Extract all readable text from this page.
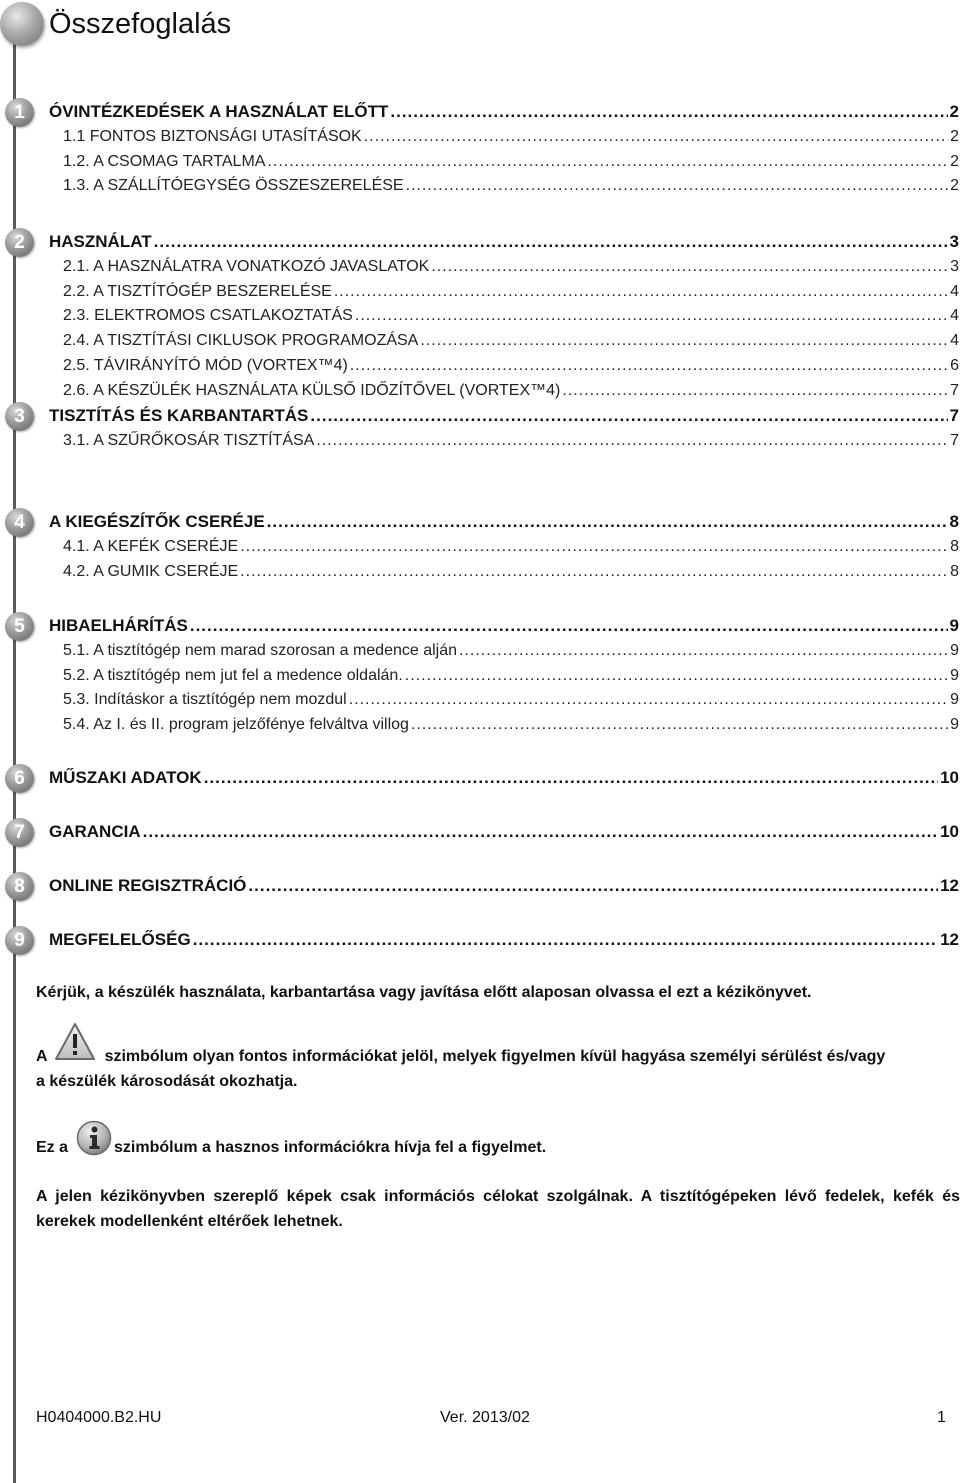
Összefoglalás
1	ÓVINTÉZKEDÉSEK A HASZNÁLAT ELŐTT .....	2
1.1 FONTOS BIZTONSÁGI UTASÍTÁSOK .....	2
1.2. A CSOMAG TARTALMA .....	2
1.3. A SZÁLLÍTÓEGYSÉG ÖSSZESZERELÉSE .....	2
2	HASZNÁLAT .....	3
2.1. A HASZNÁLATRA VONATKOZÓ JAVASLATOK .....	3
2.2. A TISZTÍTÓGÉP BESZERELÉSE .....	4
2.3. ELEKTROMOS CSATLAKOZTATÁS .....	4
2.4. A TISZTÍTÁSI CIKLUSOK PROGRAMOZÁSA .....	4
2.5. TÁVIRÁNYÍTÓ MÓD (VORTEX™4) .....	6
2.6. A KÉSZÜLÉK HASZNÁLATA KÜLSŐ IDŐZÍTŐVEL (VORTEX™4) .....	7
3	TISZTÍTÁS ÉS KARBANTARTÁS .....	7
3.1. A SZŰRŐKOSÁR TISZTÍTÁSA .....	7
4	A KIEGÉSZÍTŐK CSERÉJE .....	8
4.1. A KEFÉK CSERÉJE .....	8
4.2. A GUMIK CSERÉJE .....	8
5	HIBAELHÁRÍTÁS .....	9
5.1. A tisztítógép nem marad szorosan a medence alján .....	9
5.2. A tisztítógép nem jut fel a medence oldalán. .....	9
5.3. Indításkor a tisztítógép nem mozdul .....	9
5.4. Az I. és II. program jelzőfénye felváltva villog .....	9
6	MŰSZAKI ADATOK .....	10
7	GARANCIA .....	10
8	ONLINE REGISZTRÁCIÓ .....	12
9	MEGFELELŐSÉG .....	12
Kérjük, a készülék használata, karbantartása vagy javítása előtt alaposan olvassa el ezt a kézikönyvet.
A	szimbólum olyan fontos információkat jelöl, melyek figyelmen kívül hagyása személyi sérülést és/vagy
a készülék károsodását okozhatja.
Ez a	szimbólum a hasznos információkra hívja fel a figyelmet.
A jelen kézikönyvben szereplő képek csak információs célokat szolgálnak. A tisztítógépeken lévő fedelek, kefék és kerekek modellenként eltérőek lehetnek.
H0404000.B2.HU	Ver. 2013/02	1
